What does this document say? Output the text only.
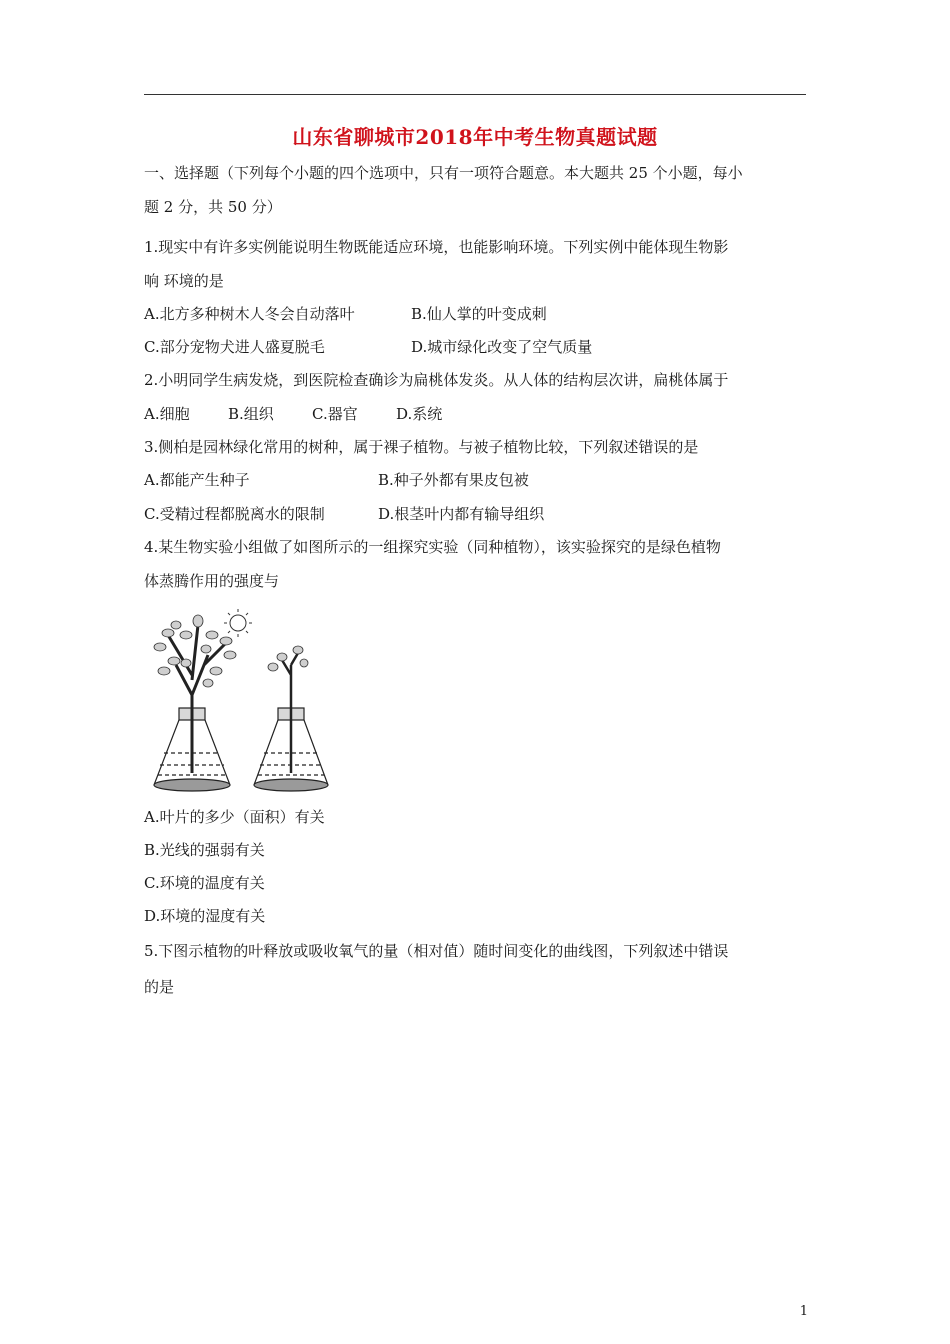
山东省聊城市2018年中考生物真题试题
一、选择题（下列每个小题的四个选项中，只有一项符合题意。本大题共 25 个小题，每小
题 2 分，共 50 分）
1.现实中有许多实例能说明生物既能适应环境，也能影响环境。下列实例中能体现生物影
响 环境的是
A.北方多种树木人冬会自动落叶	B.仙人掌的叶变成刺
C.部分宠物犬进人盛夏脱毛	D.城市绿化改变了空气质量
2.小明同学生病发烧，到医院检查确诊为扁桃体发炎。从人体的结构层次讲，扁桃体属于
A.细胞	B.组织	C.器官	D.系统
3.侧柏是园林绿化常用的树种，属于裸子植物。与被子植物比较，下列叙述错误的是
A.都能产生种子	B.种子外都有果皮包被
C.受精过程都脱离水的限制	D.根茎叶内都有输导组织
4.某生物实验小组做了如图所示的一组探究实验（同种植物），该实验探究的是绿色植物
体蒸腾作用的强度与
A.叶片的多少（面积）有关
B.光线的强弱有关
C.环境的温度有关
D.环境的湿度有关
5.下图示植物的叶释放或吸收氧气的量（相对值）随时间变化的曲线图，下列叙述中错误
的是
1
